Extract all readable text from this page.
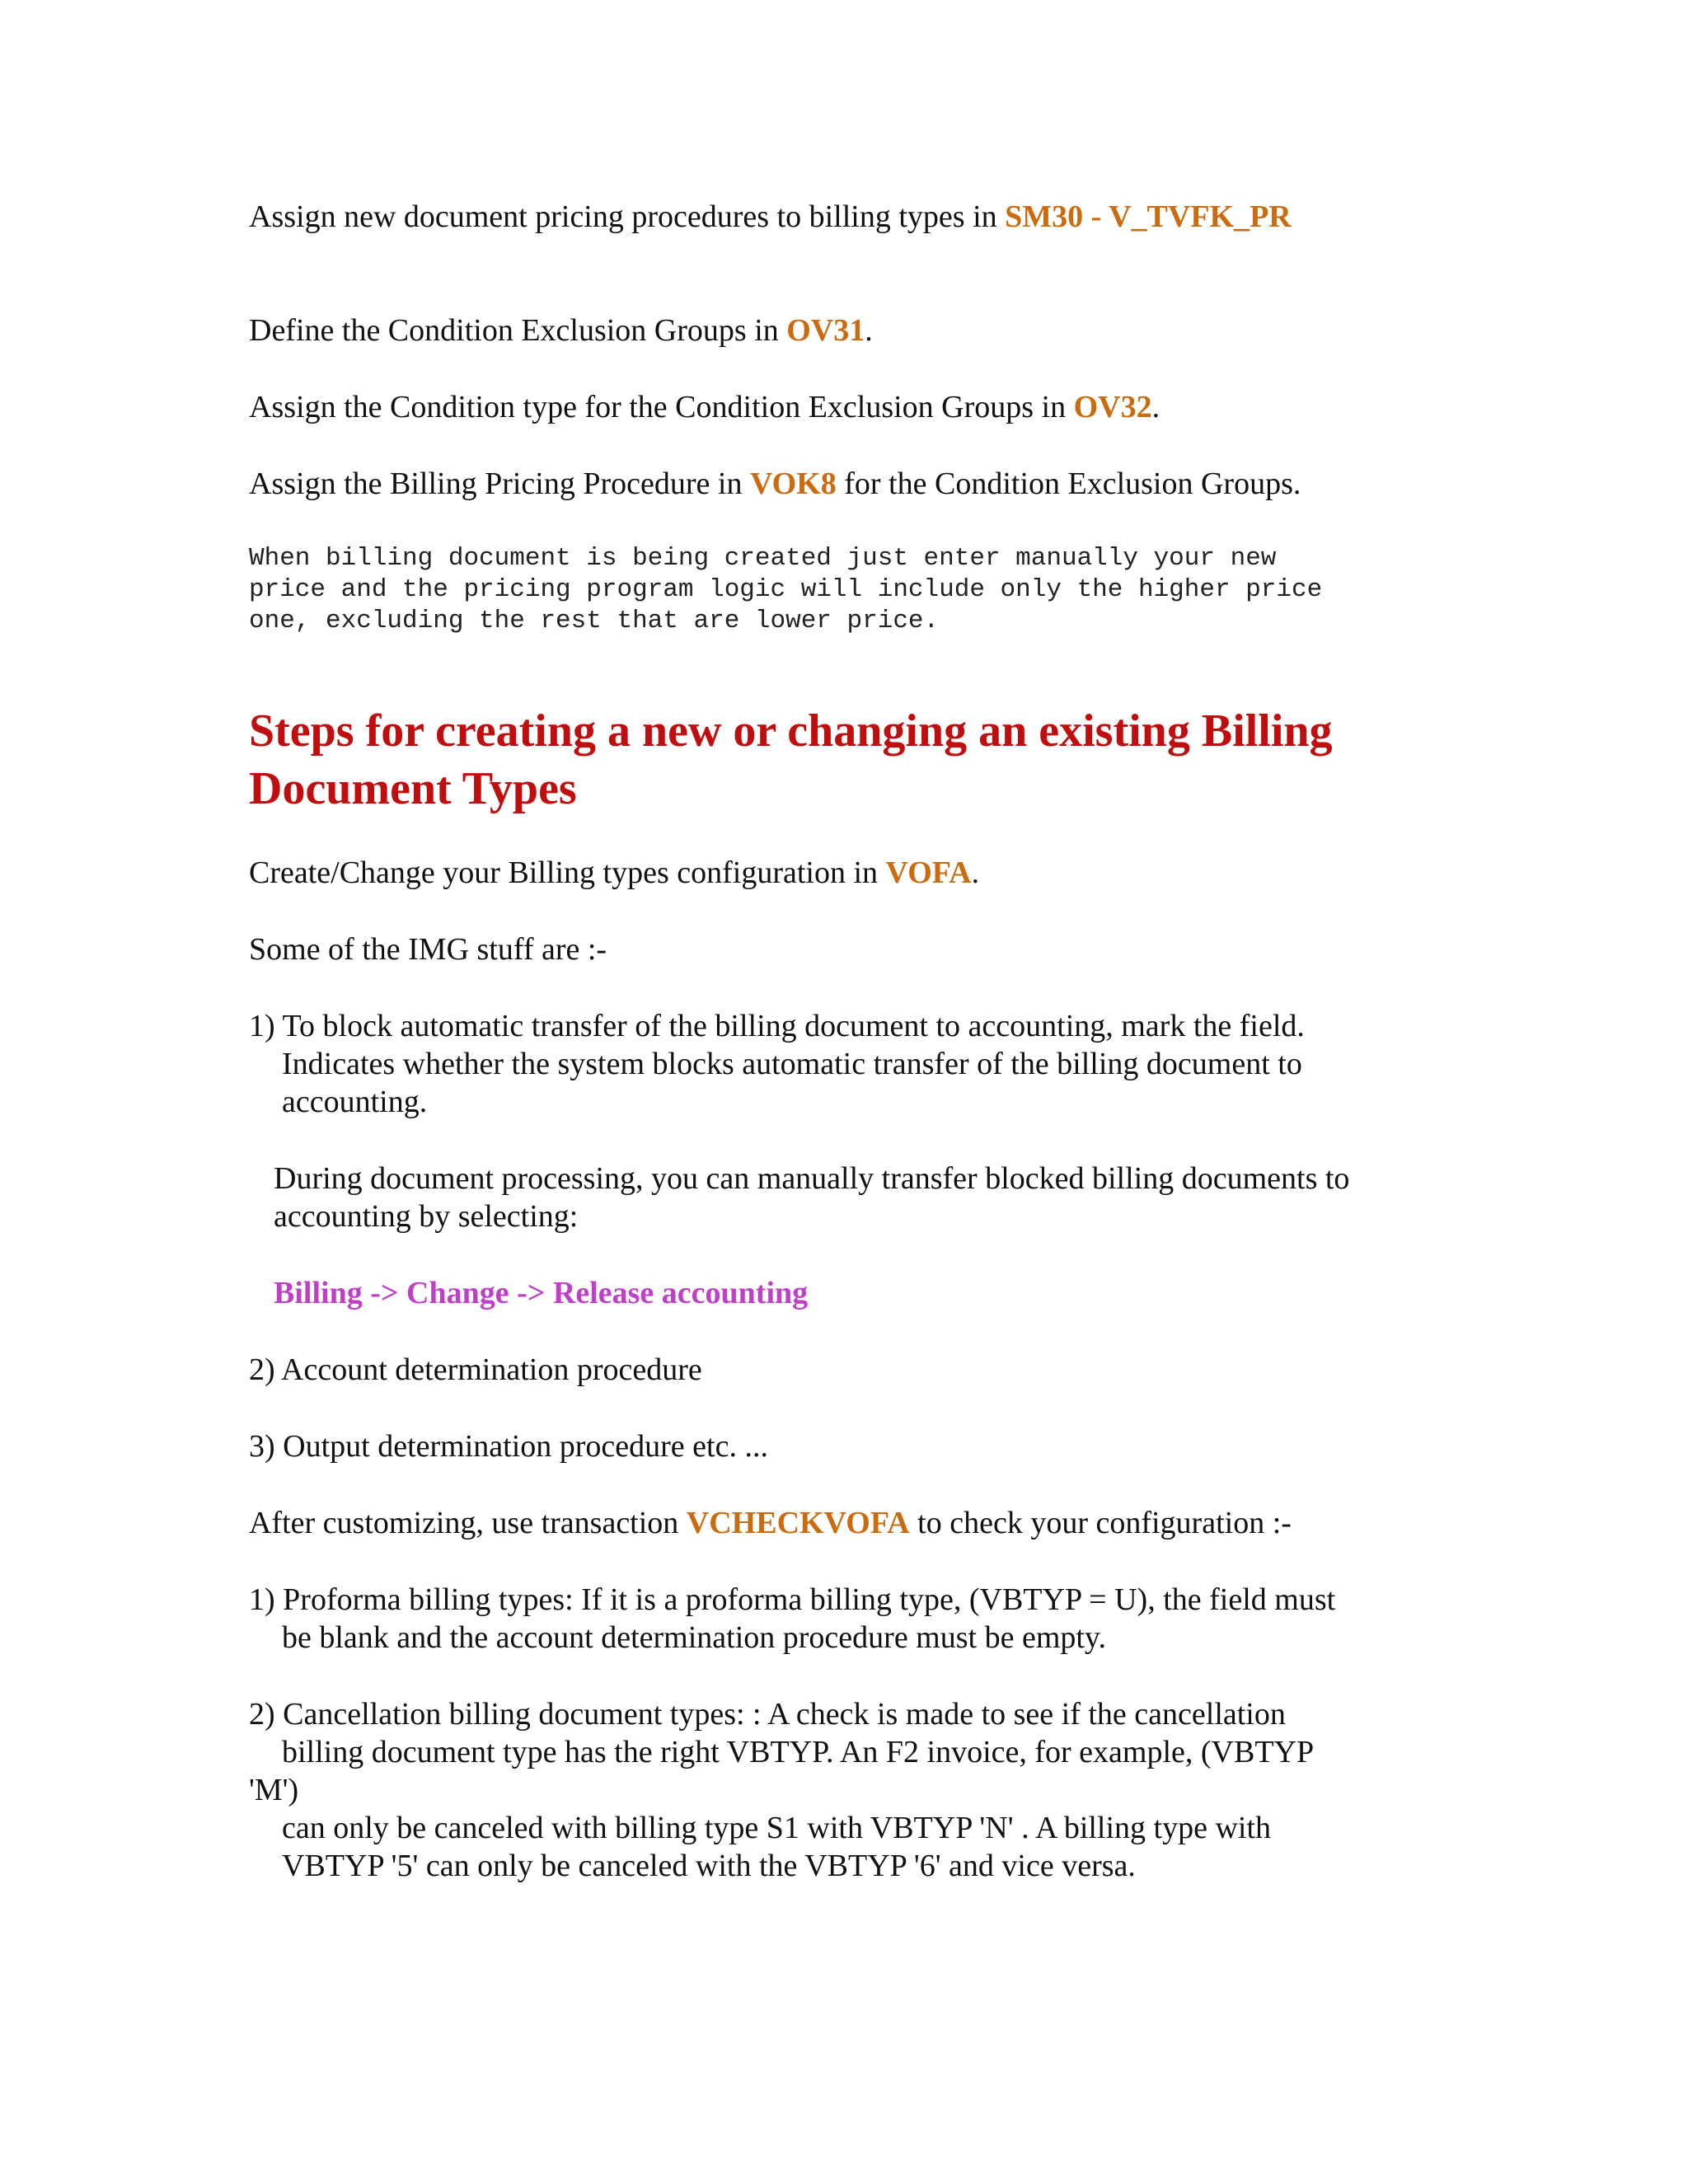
Assign new document pricing procedures to billing types in SM30 - V_TVFK_PR
Define the Condition Exclusion Groups in OV31.
Assign the Condition type for the Condition Exclusion Groups in OV32.
Assign the Billing Pricing Procedure in VOK8 for the Condition Exclusion Groups.
When billing document is being created just enter manually your new
price and the pricing program logic will include only the higher price
one, excluding the rest that are lower price.
Steps for creating a new or changing an existing Billing
Document Types
Create/Change your Billing types configuration in VOFA.
Some of the IMG stuff are :-
1) To block automatic transfer of the billing document to accounting, mark the field.
Indicates whether the system blocks automatic transfer of the billing document to
accounting.
During document processing, you can manually transfer blocked billing documents to
accounting by selecting:
Billing -> Change -> Release accounting
2) Account determination procedure
3) Output determination procedure etc. ...
After customizing, use transaction VCHECKVOFA to check your configuration :-
1) Proforma billing types: If it is a proforma billing type, (VBTYP = U), the field must
be blank and the account determination procedure must be empty.
2) Cancellation billing document types: : A check is made to see if the cancellation
billing document type has the right VBTYP. An F2 invoice, for example, (VBTYP
'M')
can only be canceled with billing type S1 with VBTYP 'N' . A billing type with
VBTYP '5' can only be canceled with the VBTYP '6' and vice versa.
